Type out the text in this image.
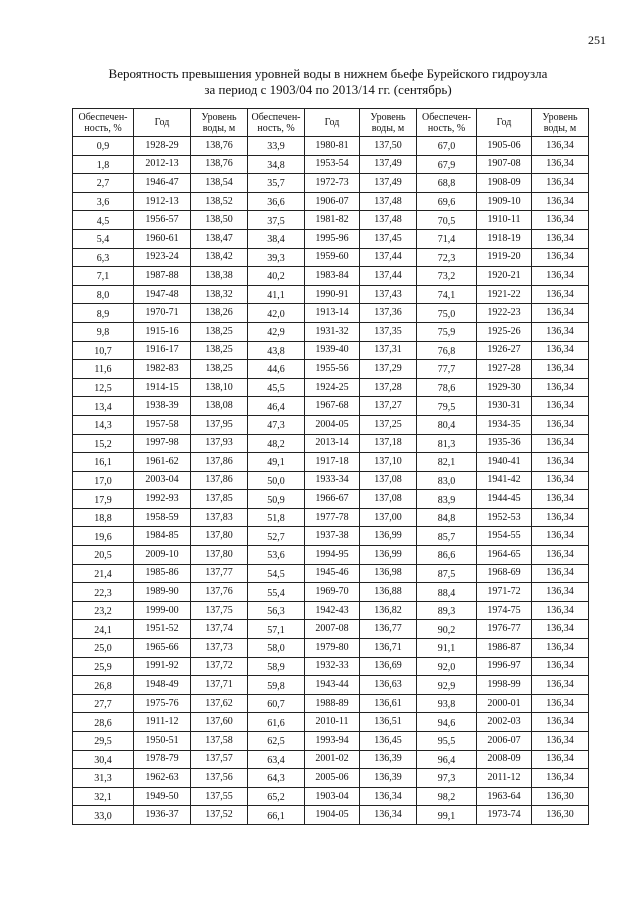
251
Вероятность превышения уровней воды в нижнем бьефе Бурейского гидроузла
за период с 1903/04 по 2013/14 гг. (сентябрь)
Обеспечен-ность, %	Год	Уровень воды, м	Обеспечен-ность, %	Год	Уровень воды, м	Обеспечен-ность, %	Год	Уровень воды, м
0,9	1928-29	138,76	33,9	1980-81	137,50	67,0	1905-06	136,34
1,8	2012-13	138,76	34,8	1953-54	137,49	67,9	1907-08	136,34
2,7	1946-47	138,54	35,7	1972-73	137,49	68,8	1908-09	136,34
3,6	1912-13	138,52	36,6	1906-07	137,48	69,6	1909-10	136,34
4,5	1956-57	138,50	37,5	1981-82	137,48	70,5	1910-11	136,34
5,4	1960-61	138,47	38,4	1995-96	137,45	71,4	1918-19	136,34
6,3	1923-24	138,42	39,3	1959-60	137,44	72,3	1919-20	136,34
7,1	1987-88	138,38	40,2	1983-84	137,44	73,2	1920-21	136,34
8,0	1947-48	138,32	41,1	1990-91	137,43	74,1	1921-22	136,34
8,9	1970-71	138,26	42,0	1913-14	137,36	75,0	1922-23	136,34
9,8	1915-16	138,25	42,9	1931-32	137,35	75,9	1925-26	136,34
10,7	1916-17	138,25	43,8	1939-40	137,31	76,8	1926-27	136,34
11,6	1982-83	138,25	44,6	1955-56	137,29	77,7	1927-28	136,34
12,5	1914-15	138,10	45,5	1924-25	137,28	78,6	1929-30	136,34
13,4	1938-39	138,08	46,4	1967-68	137,27	79,5	1930-31	136,34
14,3	1957-58	137,95	47,3	2004-05	137,25	80,4	1934-35	136,34
15,2	1997-98	137,93	48,2	2013-14	137,18	81,3	1935-36	136,34
16,1	1961-62	137,86	49,1	1917-18	137,10	82,1	1940-41	136,34
17,0	2003-04	137,86	50,0	1933-34	137,08	83,0	1941-42	136,34
17,9	1992-93	137,85	50,9	1966-67	137,08	83,9	1944-45	136,34
18,8	1958-59	137,83	51,8	1977-78	137,00	84,8	1952-53	136,34
19,6	1984-85	137,80	52,7	1937-38	136,99	85,7	1954-55	136,34
20,5	2009-10	137,80	53,6	1994-95	136,99	86,6	1964-65	136,34
21,4	1985-86	137,77	54,5	1945-46	136,98	87,5	1968-69	136,34
22,3	1989-90	137,76	55,4	1969-70	136,88	88,4	1971-72	136,34
23,2	1999-00	137,75	56,3	1942-43	136,82	89,3	1974-75	136,34
24,1	1951-52	137,74	57,1	2007-08	136,77	90,2	1976-77	136,34
25,0	1965-66	137,73	58,0	1979-80	136,71	91,1	1986-87	136,34
25,9	1991-92	137,72	58,9	1932-33	136,69	92,0	1996-97	136,34
26,8	1948-49	137,71	59,8	1943-44	136,63	92,9	1998-99	136,34
27,7	1975-76	137,62	60,7	1988-89	136,61	93,8	2000-01	136,34
28,6	1911-12	137,60	61,6	2010-11	136,51	94,6	2002-03	136,34
29,5	1950-51	137,58	62,5	1993-94	136,45	95,5	2006-07	136,34
30,4	1978-79	137,57	63,4	2001-02	136,39	96,4	2008-09	136,34
31,3	1962-63	137,56	64,3	2005-06	136,39	97,3	2011-12	136,34
32,1	1949-50	137,55	65,2	1903-04	136,34	98,2	1963-64	136,30
33,0	1936-37	137,52	66,1	1904-05	136,34	99,1	1973-74	136,30
